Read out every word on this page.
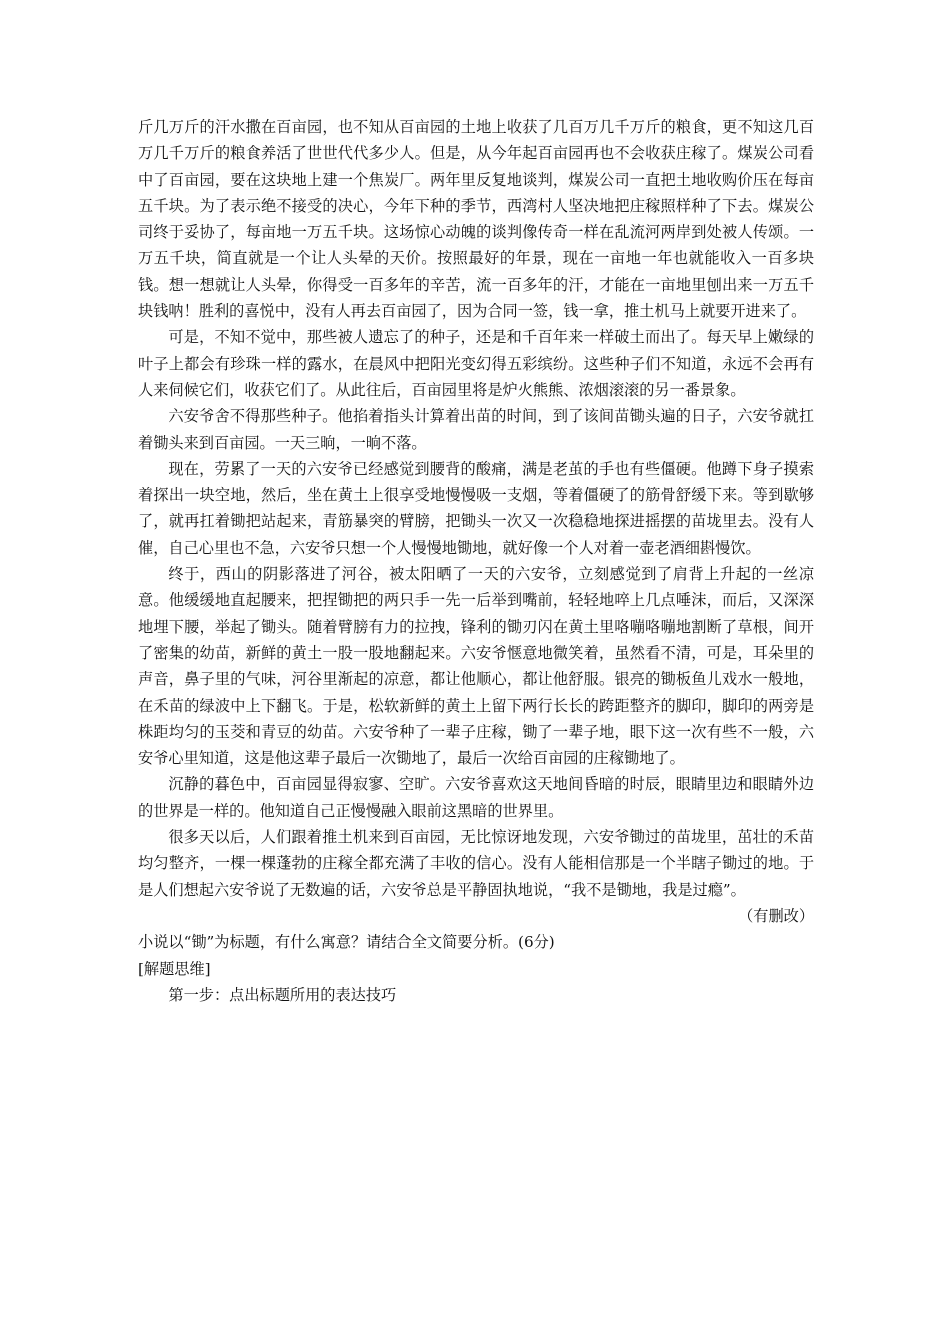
斤几万斤的汗水撒在百亩园，也不知从百亩园的土地上收获了几百万几千万斤的粮食，更不知这几百万几千万斤的粮食养活了世世代代多少人。但是，从今年起百亩园再也不会收获庄稼了。煤炭公司看中了百亩园，要在这块地上建一个焦炭厂。两年里反复地谈判，煤炭公司一直把土地收购价压在每亩五千块。为了表示绝不接受的决心，今年下种的季节，西湾村人坚决地把庄稼照样种了下去。煤炭公司终于妥协了，每亩地一万五千块。这场惊心动魄的谈判像传奇一样在乱流河两岸到处被人传颂。一万五千块，简直就是一个让人头晕的天价。按照最好的年景，现在一亩地一年也就能收入一百多块钱。想一想就让人头晕，你得受一百多年的辛苦，流一百多年的汗，才能在一亩地里刨出来一万五千块钱呐！胜利的喜悦中，没有人再去百亩园了，因为合同一签，钱一拿，推土机马上就要开进来了。

可是，不知不觉中，那些被人遗忘了的种子，还是和千百年来一样破土而出了。每天早上嫩绿的叶子上都会有珍珠一样的露水，在晨风中把阳光变幻得五彩缤纷。这些种子们不知道，永远不会再有人来伺候它们，收获它们了。从此往后，百亩园里将是炉火熊熊、浓烟滚滚的另一番景象。

六安爷舍不得那些种子。他掐着指头计算着出苗的时间，到了该间苗锄头遍的日子，六安爷就扛着锄头来到百亩园。一天三晌，一晌不落。

现在，劳累了一天的六安爷已经感觉到腰背的酸痛，满是老茧的手也有些僵硬。他蹲下身子摸索着探出一块空地，然后，坐在黄土上很享受地慢慢吸一支烟，等着僵硬了的筋骨舒缓下来。等到歇够了，就再扛着锄把站起来，青筋暴突的臂膀，把锄头一次又一次稳稳地探进摇摆的苗垅里去。没有人催，自己心里也不急，六安爷只想一个人慢慢地锄地，就好像一个人对着一壶老酒细斟慢饮。

终于，西山的阴影落进了河谷，被太阳晒了一天的六安爷，立刻感觉到了肩背上升起的一丝凉意。他缓缓地直起腰来，把捏锄把的两只手一先一后举到嘴前，轻轻地啐上几点唾沫，而后，又深深地埋下腰，举起了锄头。随着臂膀有力的拉拽，锋利的锄刃闪在黄土里咯嘣咯嘣地割断了草根，间开了密集的幼苗，新鲜的黄土一股一股地翻起来。六安爷惬意地微笑着，虽然看不清，可是，耳朵里的声音，鼻子里的气味，河谷里渐起的凉意，都让他顺心，都让他舒服。银亮的锄板鱼儿戏水一般地，在禾苗的绿波中上下翻飞。于是，松软新鲜的黄土上留下两行长长的跨距整齐的脚印，脚印的两旁是株距均匀的玉茭和青豆的幼苗。六安爷种了一辈子庄稼，锄了一辈子地，眼下这一次有些不一般，六安爷心里知道，这是他这辈子最后一次锄地了，最后一次给百亩园的庄稼锄地了。

沉静的暮色中，百亩园显得寂寥、空旷。六安爷喜欢这天地间昏暗的时辰，眼睛里边和眼睛外边的世界是一样的。他知道自己正慢慢融入眼前这黑暗的世界里。

很多天以后，人们跟着推土机来到百亩园，无比惊讶地发现，六安爷锄过的苗垅里，茁壮的禾苗均匀整齐，一棵一棵蓬勃的庄稼全都充满了丰收的信心。没有人能相信那是一个半瞎子锄过的地。于是人们想起六安爷说了无数遍的话，六安爷总是平静固执地说，“我不是锄地，我是过瘾”。

（有删改）

小说以“锄”为标题，有什么寓意？请结合全文简要分析。(6分)

[解题思维]

第一步：点出标题所用的表达技巧
